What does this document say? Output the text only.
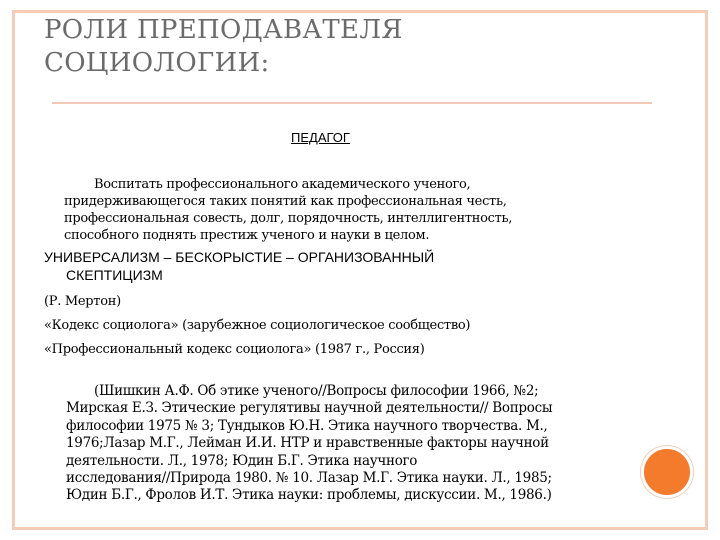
РОЛИ ПРЕПОДАВАТЕЛЯ
СОЦИОЛОГИИ:
ПЕДАГОГ
Воспитать профессионального академического ученого,
придерживающегося таких понятий как профессиональная честь,
профессиональная совесть, долг, порядочность, интеллигентность,
способного поднять престиж ученого и науки в целом.
УНИВЕРСАЛИЗМ – БЕСКОРЫСТИЕ – ОРГАНИЗОВАННЫЙ
СКЕПТИЦИЗМ
(Р. Мертон)
«Кодекс социолога» (зарубежное социологическое сообщество)
«Профессиональный кодекс социолога» (1987 г., Россия)
(Шишкин А.Ф. Об этике ученого//Вопросы философии 1966, №2;
Мирская Е.З. Этические регулятивы научной деятельности// Вопросы
философии 1975 № 3; Тундыков Ю.Н. Этика научного творчества. М.,
1976;Лазар М.Г., Лейман И.И. НТР и нравственные факторы научной
деятельности. Л., 1978; Юдин Б.Г. Этика научного
исследования//Природа 1980. № 10. Лазар М.Г. Этика науки. Л., 1985;
Юдин Б.Г., Фролов И.Т. Этика науки: проблемы, дискуссии. М., 1986.)
